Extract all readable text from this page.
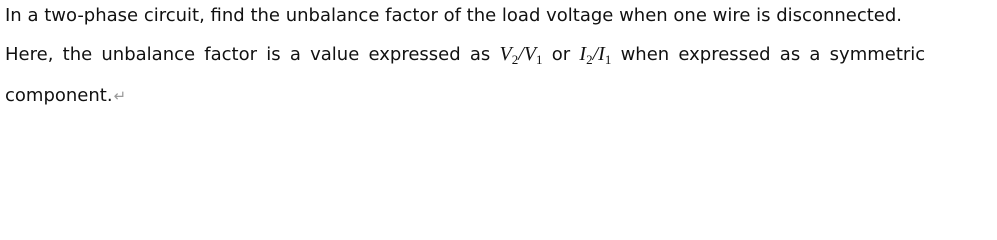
In a two-phase circuit, find the unbalance factor of the load voltage when one wire is disconnected.
Here, the unbalance factor is a value expressed as $V_2/V_1$ or $I_2/I_1$ when expressed as a symmetric
component.↵
